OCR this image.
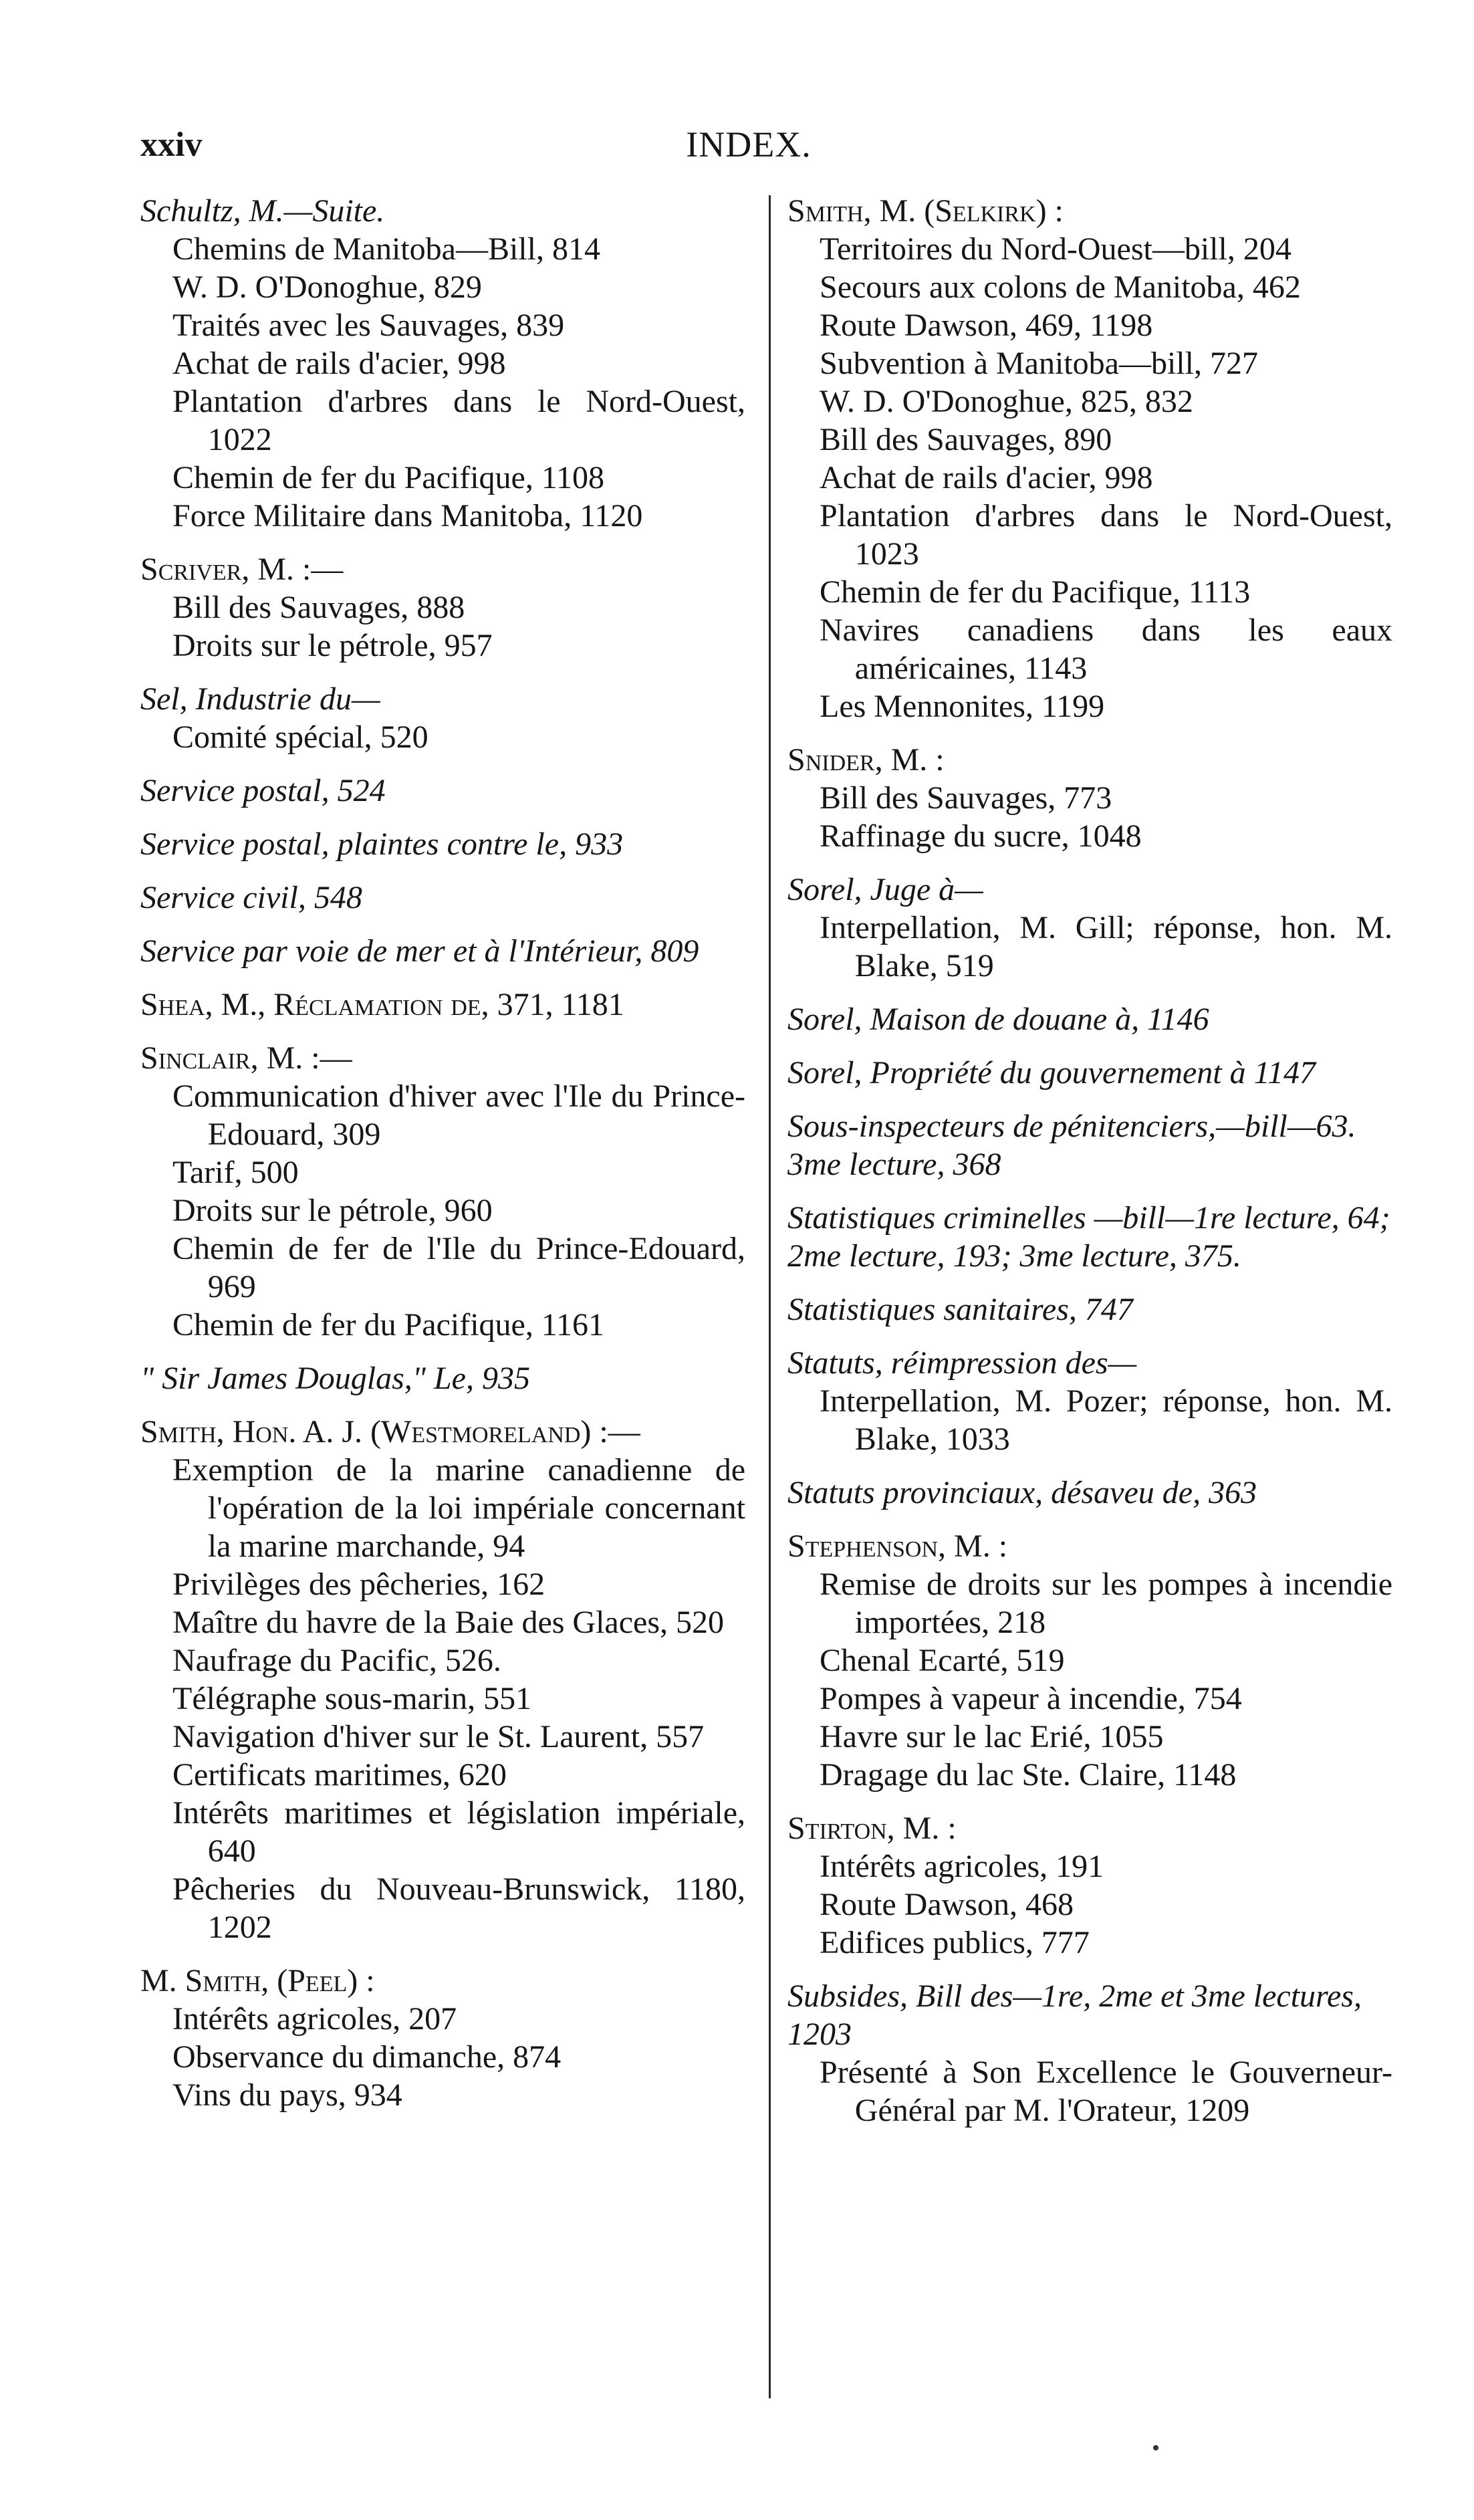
xxiv	INDEX.
Schultz, M.—Suite.
Chemins de Manitoba—Bill, 814
W. D. O'Donoghue, 829
Traités avec les Sauvages, 839
Achat de rails d'acier, 998
Plantation d'arbres dans le Nord-Ouest, 1022
Chemin de fer du Pacifique, 1108
Force Militaire dans Manitoba, 1120
Scriver, M. :—
Bill des Sauvages, 888
Droits sur le pétrole, 957
Sel, Industrie du—
Comité spécial, 520
Service postal, 524
Service postal, plaintes contre le, 933
Service civil, 548
Service par voie de mer et à l'Intérieur, 809
Shea, M., Réclamation de, 371, 1181
Sinclair, M. :—
Communication d'hiver avec l'Ile du Prince-Edouard, 309
Tarif, 500
Droits sur le pétrole, 960
Chemin de fer de l'Ile du Prince-Edouard, 969
Chemin de fer du Pacifique, 1161
" Sir James Douglas," Le, 935
Smith, Hon. A. J. (Westmoreland) :—
Exemption de la marine canadienne de l'opération de la loi impériale concernant la marine marchande, 94
Privilèges des pêcheries, 162
Maître du havre de la Baie des Glaces, 520
Naufrage du Pacific, 526.
Télégraphe sous-marin, 551
Navigation d'hiver sur le St. Laurent, 557
Certificats maritimes, 620
Intérêts maritimes et législation impériale, 640
Pêcheries du Nouveau-Brunswick, 1180, 1202
M. Smith, (Peel) :
Intérêts agricoles, 207
Observance du dimanche, 874
Vins du pays, 934
Smith, M. (Selkirk) :
Territoires du Nord-Ouest—bill, 204
Secours aux colons de Manitoba, 462
Route Dawson, 469, 1198
Subvention à Manitoba—bill, 727
W. D. O'Donoghue, 825, 832
Bill des Sauvages, 890
Achat de rails d'acier, 998
Plantation d'arbres dans le Nord-Ouest, 1023
Chemin de fer du Pacifique, 1113
Navires canadiens dans les eaux américaines, 1143
Les Mennonites, 1199
Snider, M. :
Bill des Sauvages, 773
Raffinage du sucre, 1048
Sorel, Juge à—
Interpellation, M. Gill; réponse, hon. M. Blake, 519
Sorel, Maison de douane à, 1146
Sorel, Propriété du gouvernement à 1147
Sous-inspecteurs de pénitenciers,—bill—63. 3me lecture, 368
Statistiques criminelles —bill—1re lecture, 64; 2me lecture, 193; 3me lecture, 375.
Statistiques sanitaires, 747
Statuts, réimpression des—
Interpellation, M. Pozer; réponse, hon. M. Blake, 1033
Statuts provinciaux, désaveu de, 363
Stephenson, M. :
Remise de droits sur les pompes à incendie importées, 218
Chenal Ecarté, 519
Pompes à vapeur à incendie, 754
Havre sur le lac Erié, 1055
Dragage du lac Ste. Claire, 1148
Stirton, M. :
Intérêts agricoles, 191
Route Dawson, 468
Edifices publics, 777
Subsides, Bill des—1re, 2me et 3me lectures, 1203
Présenté à Son Excellence le Gouverneur-Général par M. l'Orateur, 1209
